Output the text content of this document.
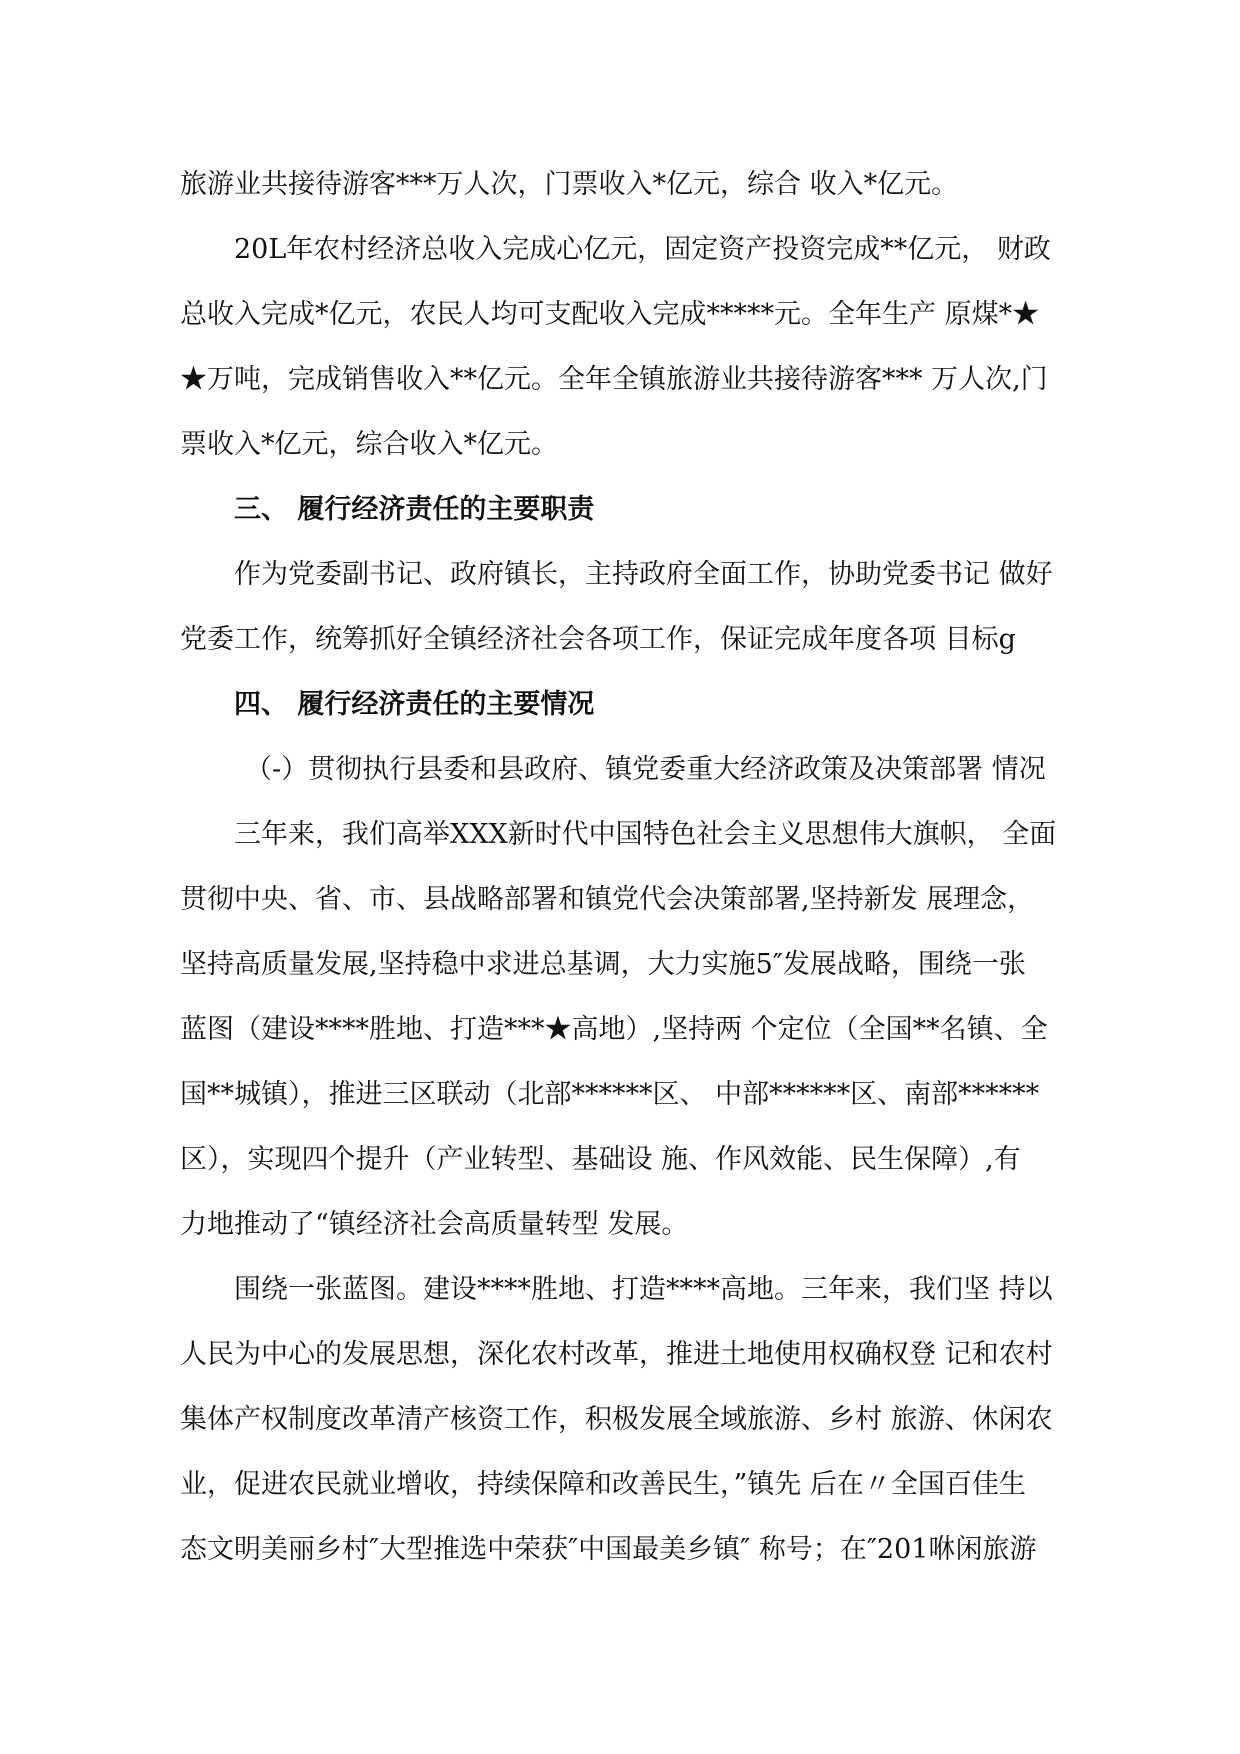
旅游业共接待游客***万人次，门票收入*亿元，综合 收入*亿元。
20L年农村经济总收入完成心亿元，固定资产投资完成**亿元， 财政
总收入完成*亿元，农民人均可支配收入完成*****元。全年生产 原煤*★
★万吨，完成销售收入**亿元。全年全镇旅游业共接待游客*** 万人次,门
票收入*亿元，综合收入*亿元。
三、 履行经济责任的主要职责
作为党委副书记、政府镇长，主持政府全面工作，协助党委书记 做好
党委工作，统筹抓好全镇经济社会各项工作，保证完成年度各项 目标g
四、 履行经济责任的主要情况
（-）贯彻执行县委和县政府、镇党委重大经济政策及决策部署 情况
三年来，我们高举XXX新时代中国特色社会主义思想伟大旗帜， 全面
贯彻中央、省、市、县战略部署和镇党代会决策部署,坚持新发 展理念，
坚持高质量发展,坚持稳中求进总基调，大力实施5″发展战略，围绕一张
蓝图（建设****胜地、打造***★高地）,坚持两 个定位（全国**名镇、全
国**城镇），推进三区联动（北部******区、 中部******区、南部******
区），实现四个提升（产业转型、基础设 施、作风效能、民生保障）,有
力地推动了“镇经济社会高质量转型 发展。
围绕一张蓝图。建设****胜地、打造****高地。三年来，我们坚 持以
人民为中心的发展思想，深化农村改革，推进土地使用权确权登 记和农村
集体产权制度改革清产核资工作，积极发展全域旅游、乡村 旅游、休闲农
业，促进农民就业增收，持续保障和改善民生，”镇先 后在〃全国百佳生
态文明美丽乡村″大型推选中荣获″中国最美乡镇″ 称号；在″201咻闲旅游
